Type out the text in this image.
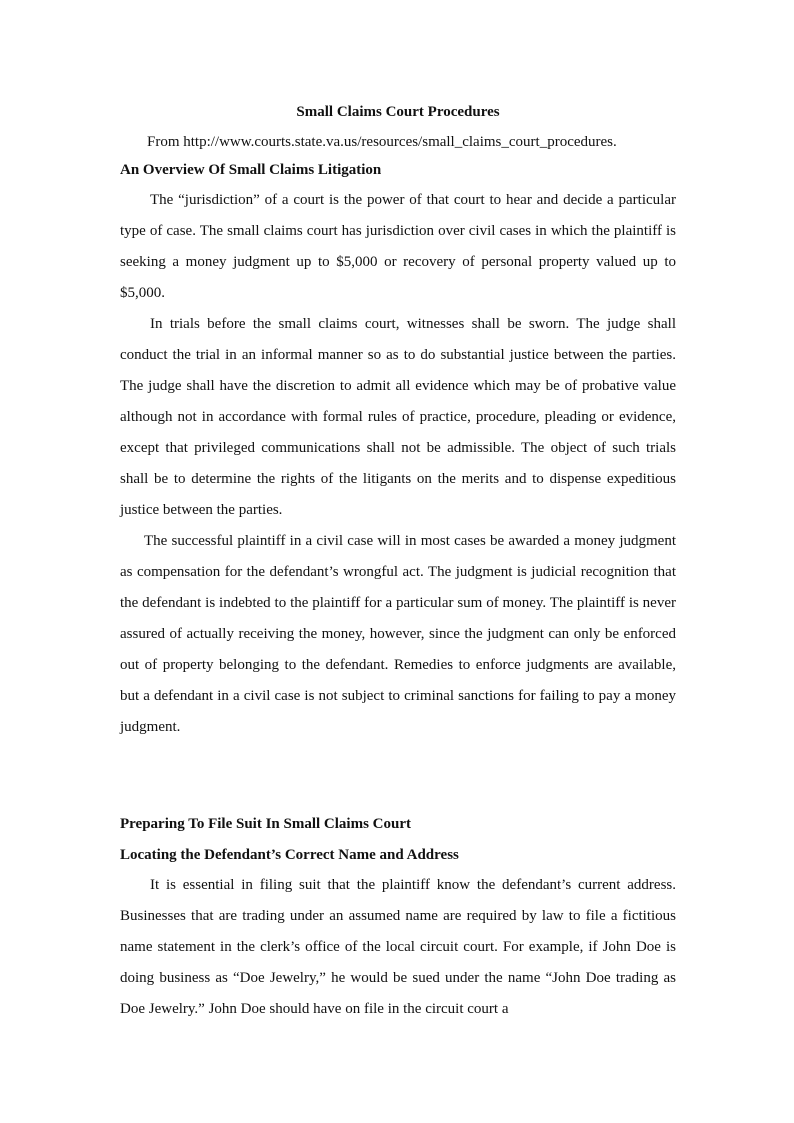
Small Claims Court Procedures

From http://www.courts.state.va.us/resources/small_claims_court_procedures.

An Overview Of Small Claims Litigation

The “jurisdiction” of a court is the power of that court to hear and decide a particular type of case. The small claims court has jurisdiction over civil cases in which the plaintiff is seeking a money judgment up to $5,000 or recovery of personal property valued up to $5,000.

In trials before the small claims court, witnesses shall be sworn. The judge shall conduct the trial in an informal manner so as to do substantial justice between the parties. The judge shall have the discretion to admit all evidence which may be of probative value although not in accordance with formal rules of practice, procedure, pleading or evidence, except that privileged communications shall not be admissible. The object of such trials shall be to determine the rights of the litigants on the merits and to dispense expeditious justice between the parties.

The successful plaintiff in a civil case will in most cases be awarded a money judgment as compensation for the defendant’s wrongful act. The judgment is judicial recognition that the defendant is indebted to the plaintiff for a particular sum of money. The plaintiff is never assured of actually receiving the money, however, since the judgment can only be enforced out of property belonging to the defendant. Remedies to enforce judgments are available, but a defendant in a civil case is not subject to criminal sanctions for failing to pay a money judgment.

Preparing To File Suit In Small Claims Court
Locating the Defendant’s Correct Name and Address

It is essential in filing suit that the plaintiff know the defendant’s current address. Businesses that are trading under an assumed name are required by law to file a fictitious name statement in the clerk’s office of the local circuit court. For example, if John Doe is doing business as “Doe Jewelry,” he would be sued under the name “John Doe trading as Doe Jewelry.” John Doe should have on file in the circuit court a
